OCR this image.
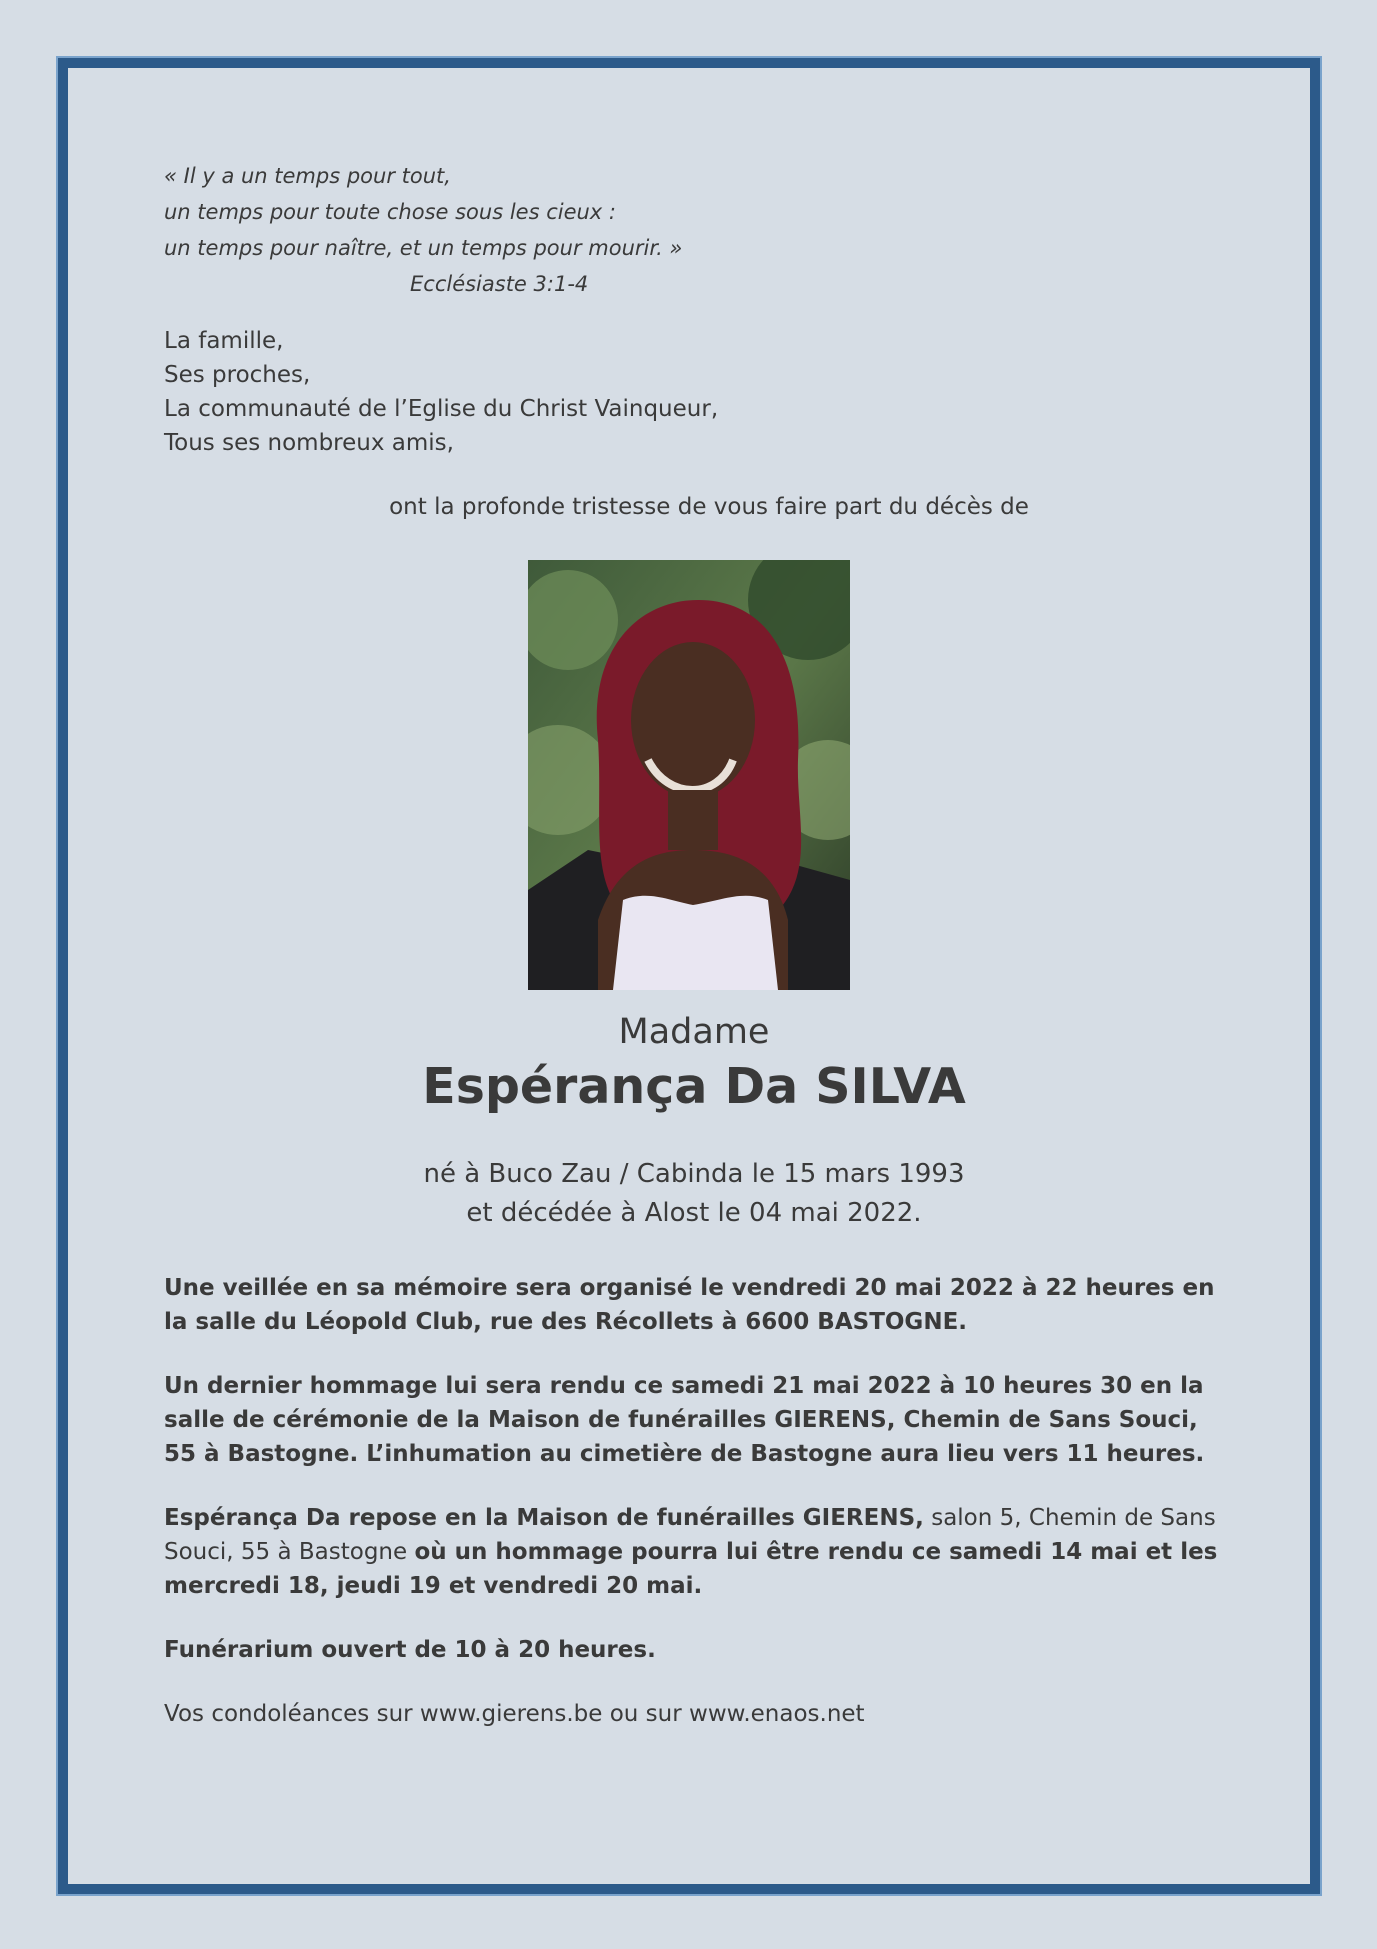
« Il y a un temps pour tout,
un temps pour toute chose sous les cieux :
un temps pour naître, et un temps pour mourir. »
Ecclésiaste 3:1-4
La famille,
Ses proches,
La communauté de l’Eglise du Christ Vainqueur,
Tous ses nombreux amis,
ont la profonde tristesse de vous faire part du décès de
Madame
Espérança Da SILVA
né à Buco Zau / Cabinda le 15 mars 1993
et décédée à Alost le 04 mai 2022.
Une veillée en sa mémoire sera organisé le vendredi 20 mai 2022 à 22 heures en la salle du Léopold Club, rue des Récollets à 6600 BASTOGNE.
Un dernier hommage lui sera rendu ce samedi 21 mai 2022 à 10 heures 30 en la salle de cérémonie de la Maison de funérailles GIERENS, Chemin de Sans Souci, 55 à Bastogne. L’inhumation au cimetière de Bastogne aura lieu vers 11 heures.
Espérança Da repose en la Maison de funérailles GIERENS, salon 5, Chemin de Sans Souci, 55 à Bastogne où un hommage pourra lui être rendu ce samedi 14 mai et les mercredi 18, jeudi 19 et vendredi 20 mai.
Funérarium ouvert de 10 à 20 heures.
Vos condoléances sur www.gierens.be ou sur www.enaos.net
